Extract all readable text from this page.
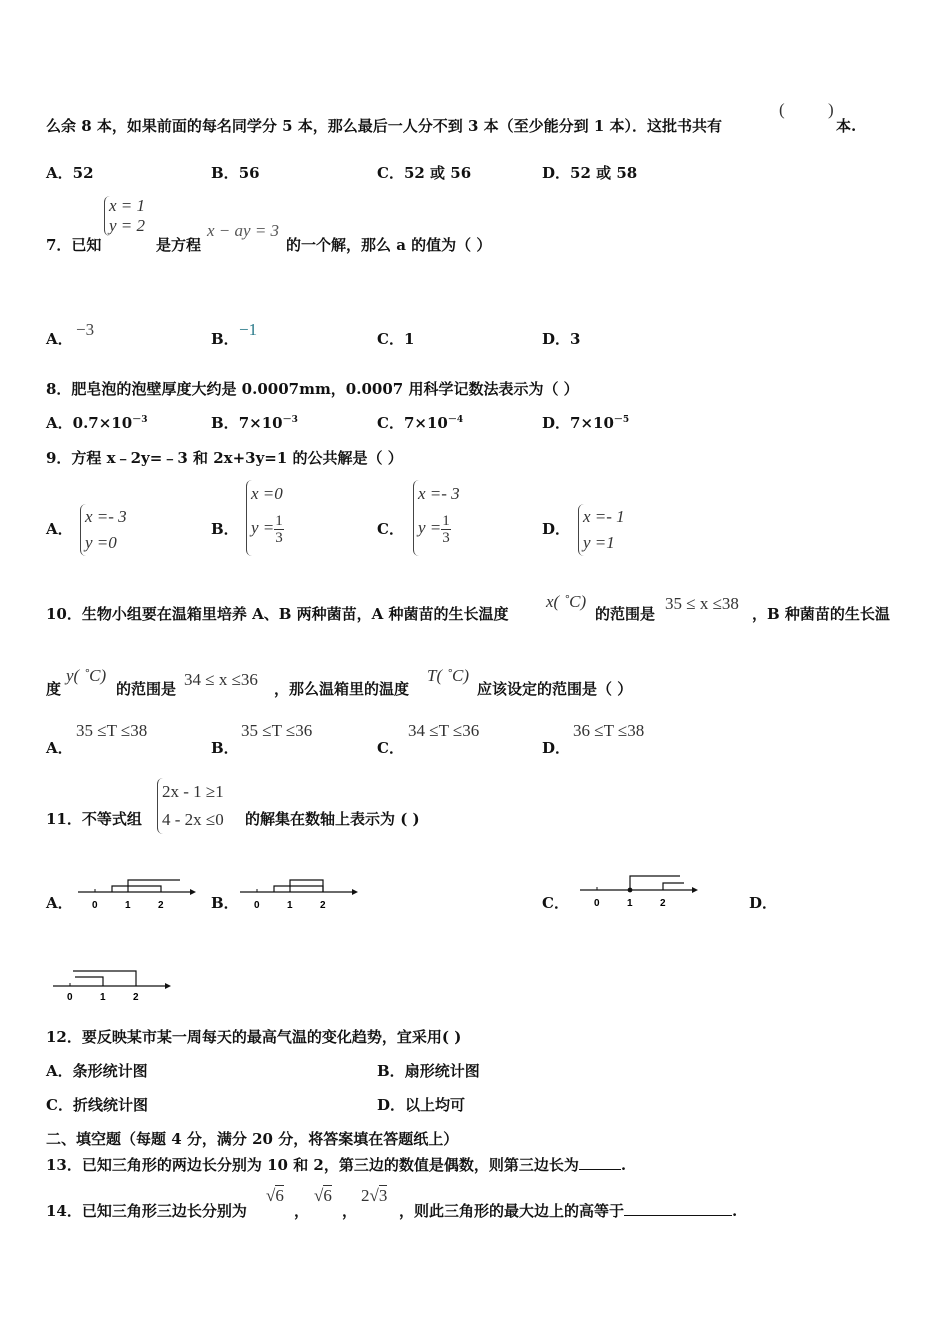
么余 8 本，如果前面的每名同学分 5 本，那么最后一人分不到 3 本（至少能分到 1 本）．这批书共有
(	)
本.
A．52	B．56	C．52 或 56	D．52 或 58
7．已知
x = 1
y = 2
是方程
x − ay = 3
的一个解，那么 a 的值为（ ）
A． −3	B． −1	C．1	D．3
8．肥皂泡的泡壁厚度大约是 0.0007mm，0.0007 用科学记数法表示为（ ）
A．$0.7\times 10^{-3}$	B．$7\times 10^{-3}$	C．$7\times 10^{-4}$	D．$7\times 10^{-5}$
9．方程 x﹣2y=﹣3 和 2x+3y=1 的公共解是（ ）
A．
x =- 3
y =0
B．
x =0
$y = \frac{1}{3}$	C．
x =- 3
$y = \frac{1}{3}$	D．
x =- 1
y =1
10．生物小组要在温箱里培养 A、B 两种菌苗，A 种菌苗的生长温度
x( ˚C)
的范围是
35 ≤ x ≤38
，B 种菌苗的生长温
度
y( ˚C)
的范围是 34 ≤ x ≤36 ，那么温箱里的温度
T( ˚C)
应该设定的范围是（ ）
A．
35 ≤T ≤38
B．
35 ≤T ≤36
C．
34 ≤T ≤36
D．
36 ≤T ≤38
11．不等式组
2x - 1 ≥1
4 - 2x ≤0 的解集在数轴上表示为 ( )
A． 0	1	2	B． 0	1	2	C．	0	1	2	D．
0	1	2
12．要反映某市某一周每天的最高气温的变化趋势，宜采用( )
A．条形统计图	B．扇形统计图
C．折线统计图	D．以上均可
二、填空题（每题 4 分，满分 20 分，将答案填在答题纸上）
13．已知三角形的两边长分别为 10 和 2，第三边的数值是偶数，则第三边长为	.
14．已知三角形三边长分别为
√6
，
√6
，
2√3
，则此三角形的最大边上的高等于	.
